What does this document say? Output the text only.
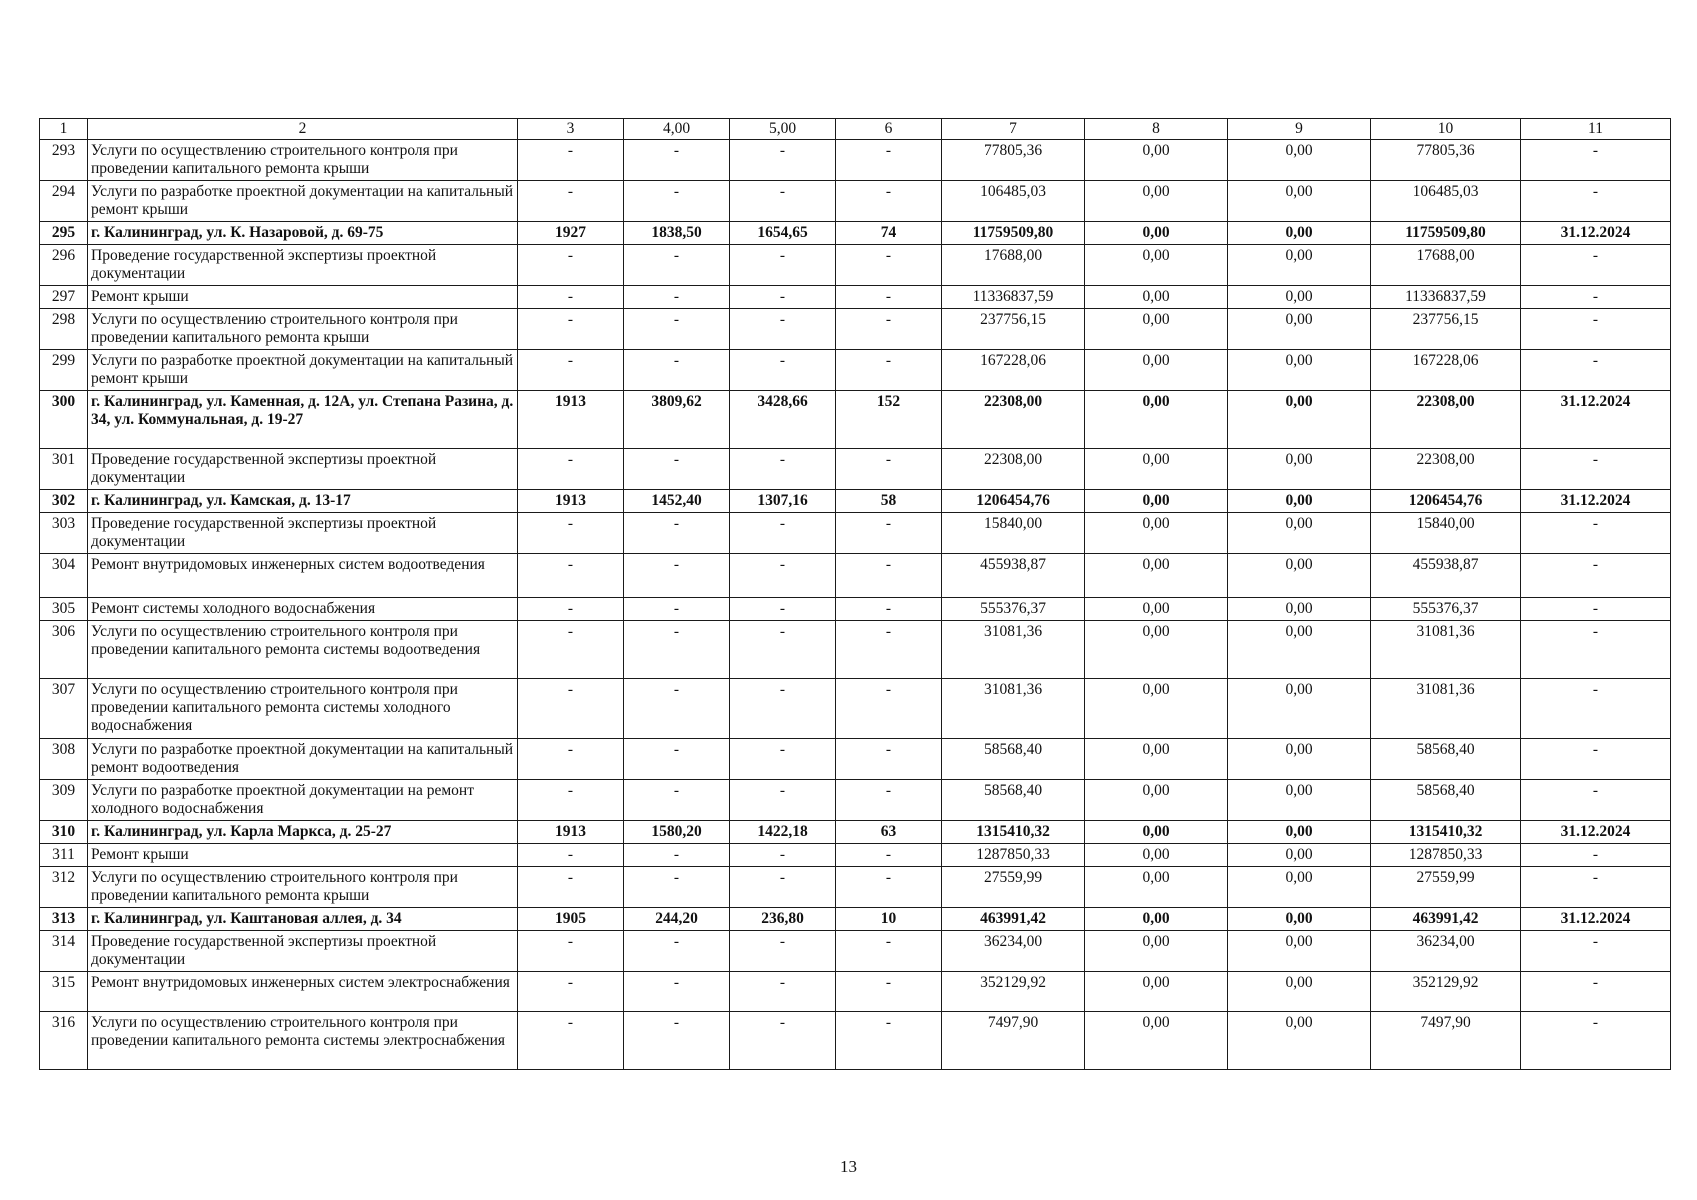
1	2	3	4,00	5,00	6	7	8	9	10	11
293	Услуги по осуществлению строительного контроля при проведении капитального ремонта крыши	-	-	-	-	77805,36	0,00	0,00	77805,36	-
294	Услуги по разработке проектной документации на капитальный ремонт крыши	-	-	-	-	106485,03	0,00	0,00	106485,03	-
295	г. Калининград, ул. К. Назаровой, д. 69-75	1927	1838,50	1654,65	74	11759509,80	0,00	0,00	11759509,80	31.12.2024
296	Проведение государственной экспертизы проектной документации	-	-	-	-	17688,00	0,00	0,00	17688,00	-
297	Ремонт крыши	-	-	-	-	11336837,59	0,00	0,00	11336837,59	-
298	Услуги по осуществлению строительного контроля при проведении капитального ремонта крыши	-	-	-	-	237756,15	0,00	0,00	237756,15	-
299	Услуги по разработке проектной документации на капитальный ремонт крыши	-	-	-	-	167228,06	0,00	0,00	167228,06	-
300	г. Калининград, ул. Каменная, д. 12А, ул. Степана Разина, д. 34, ул. Коммунальная, д. 19-27	1913	3809,62	3428,66	152	22308,00	0,00	0,00	22308,00	31.12.2024
301	Проведение государственной экспертизы проектной документации	-	-	-	-	22308,00	0,00	0,00	22308,00	-
302	г. Калининград, ул. Камская, д. 13-17	1913	1452,40	1307,16	58	1206454,76	0,00	0,00	1206454,76	31.12.2024
303	Проведение государственной экспертизы проектной документации	-	-	-	-	15840,00	0,00	0,00	15840,00	-
304	Ремонт внутридомовых инженерных систем водоотведения	-	-	-	-	455938,87	0,00	0,00	455938,87	-
305	Ремонт системы холодного водоснабжения	-	-	-	-	555376,37	0,00	0,00	555376,37	-
306	Услуги по осуществлению строительного контроля при проведении капитального ремонта системы водоотведения	-	-	-	-	31081,36	0,00	0,00	31081,36	-
307	Услуги по осуществлению строительного контроля при проведении капитального ремонта системы холодного водоснабжения	-	-	-	-	31081,36	0,00	0,00	31081,36	-
308	Услуги по разработке проектной документации на капитальный ремонт водоотведения	-	-	-	-	58568,40	0,00	0,00	58568,40	-
309	Услуги по разработке проектной документации на ремонт холодного водоснабжения	-	-	-	-	58568,40	0,00	0,00	58568,40	-
310	г. Калининград, ул. Карла Маркса, д. 25-27	1913	1580,20	1422,18	63	1315410,32	0,00	0,00	1315410,32	31.12.2024
311	Ремонт крыши	-	-	-	-	1287850,33	0,00	0,00	1287850,33	-
312	Услуги по осуществлению строительного контроля при проведении капитального ремонта крыши	-	-	-	-	27559,99	0,00	0,00	27559,99	-
313	г. Калининград, ул. Каштановая аллея, д. 34	1905	244,20	236,80	10	463991,42	0,00	0,00	463991,42	31.12.2024
314	Проведение государственной экспертизы проектной документации	-	-	-	-	36234,00	0,00	0,00	36234,00	-
315	Ремонт внутридомовых инженерных систем электроснабжения	-	-	-	-	352129,92	0,00	0,00	352129,92	-
316	Услуги по осуществлению строительного контроля при проведении капитального ремонта системы электроснабжения	-	-	-	-	7497,90	0,00	0,00	7497,90	-
13
